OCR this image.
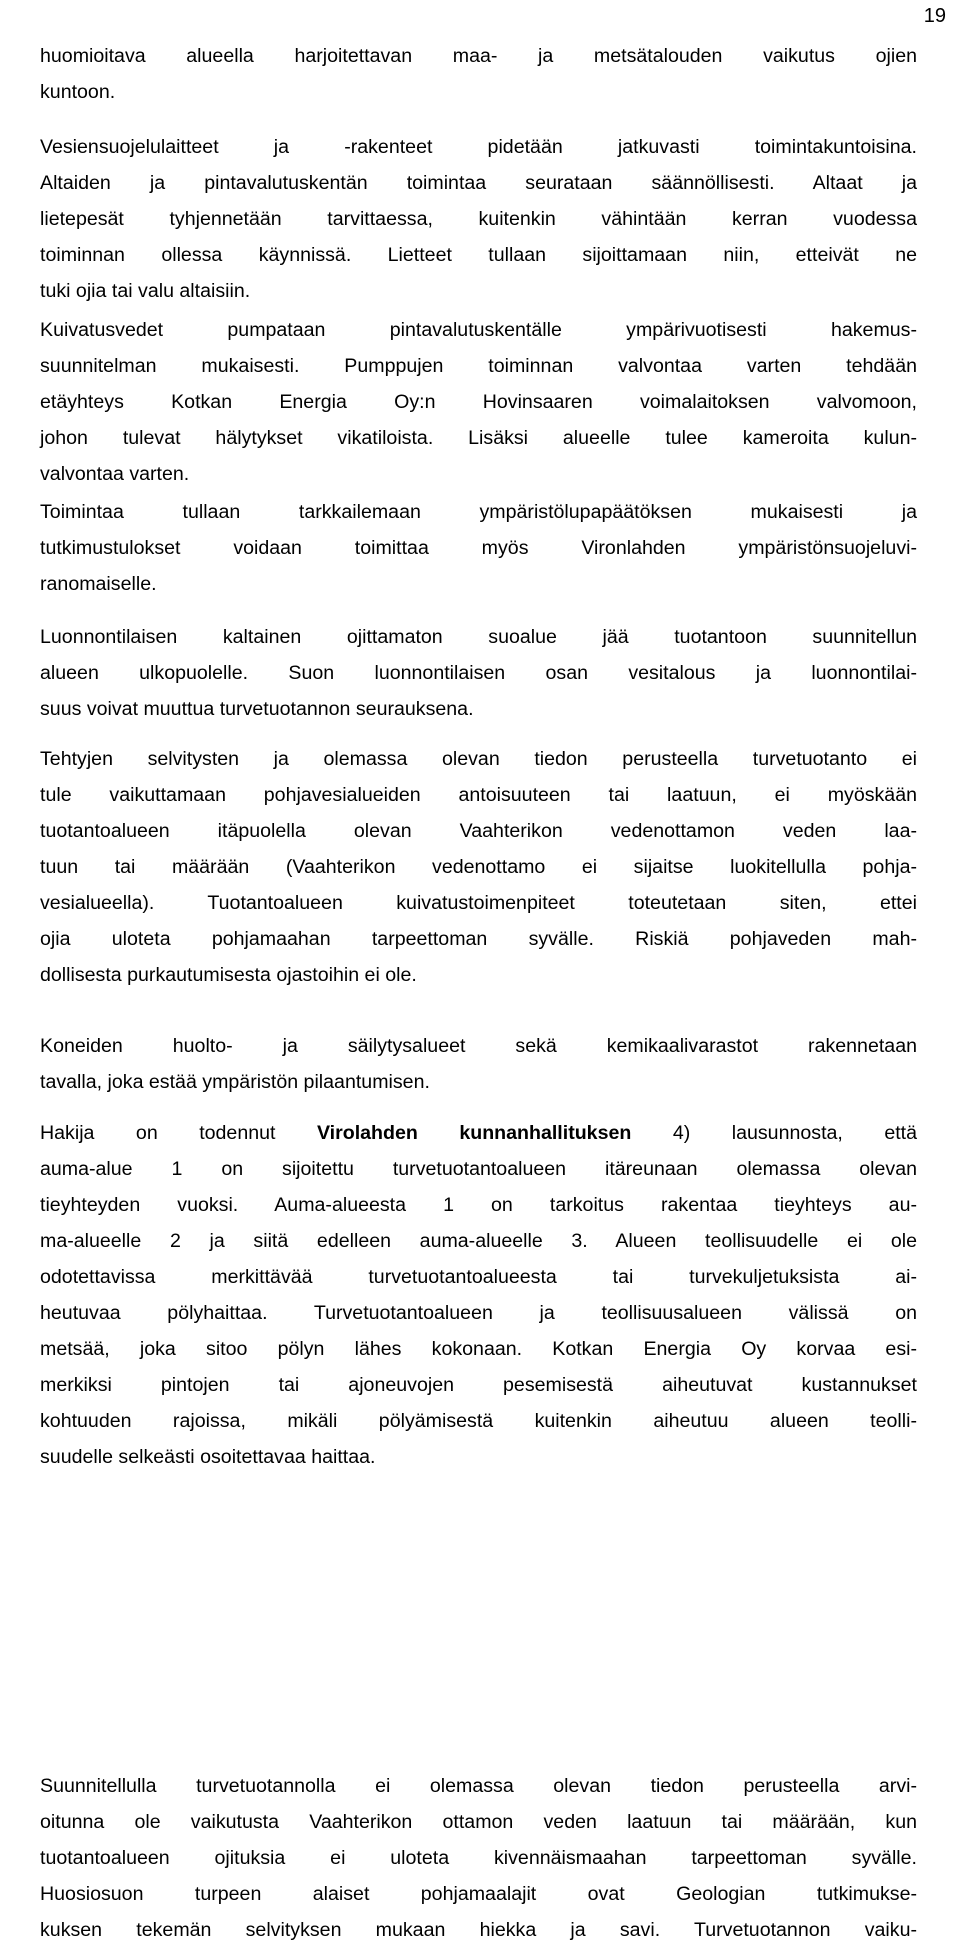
19
huomioitava alueella harjoitettavan maa- ja metsätalouden vaikutus ojien
kuntoon.
Vesiensuojelulaitteet ja -rakenteet pidetään jatkuvasti toimintakuntoisina.
Altaiden ja pintavalutuskentän toimintaa seurataan säännöllisesti. Altaat ja
lietepesät tyhjennetään tarvittaessa, kuitenkin vähintään kerran vuodessa
toiminnan ollessa käynnissä. Lietteet tullaan sijoittamaan niin, etteivät ne
tuki ojia tai valu altaisiin.
Kuivatusvedet pumpataan pintavalutuskentälle ympärivuotisesti hakemus-
suunnitelman mukaisesti. Pumppujen toiminnan valvontaa varten tehdään
etäyhteys Kotkan Energia Oy:n Hovinsaaren voimalaitoksen valvomoon,
johon tulevat hälytykset vikatiloista. Lisäksi alueelle tulee kameroita kulun-
valvontaa varten.
Toimintaa tullaan tarkkailemaan ympäristölupapäätöksen mukaisesti ja
tutkimustulokset voidaan toimittaa myös Vironlahden ympäristönsuojeluvi-
ranomaiselle.
Luonnontilaisen kaltainen ojittamaton suoalue jää tuotantoon suunnitellun
alueen ulkopuolelle. Suon luonnontilaisen osan vesitalous ja luonnontilai-
suus voivat muuttua turvetuotannon seurauksena.
Tehtyjen selvitysten ja olemassa olevan tiedon perusteella turvetuotanto ei
tule vaikuttamaan pohjavesialueiden antoisuuteen tai laatuun, ei myöskään
tuotantoalueen itäpuolella olevan Vaahterikon vedenottamon veden laa-
tuun tai määrään (Vaahterikon vedenottamo ei sijaitse luokitellulla pohja-
vesialueella). Tuotantoalueen kuivatustoimenpiteet toteutetaan siten, ettei
ojia uloteta pohjamaahan tarpeettoman syvälle. Riskiä pohjaveden mah-
dollisesta purkautumisesta ojastoihin ei ole.
Koneiden huolto- ja säilytysalueet sekä kemikaalivarastot rakennetaan
tavalla, joka estää ympäristön pilaantumisen.
Hakija on todennut Virolahden kunnanhallituksen 4) lausunnosta, että
auma-alue 1 on sijoitettu turvetuotantoalueen itäreunaan olemassa olevan
tieyhteyden vuoksi. Auma-alueesta 1 on tarkoitus rakentaa tieyhteys au-
ma-alueelle 2 ja siitä edelleen auma-alueelle 3. Alueen teollisuudelle ei ole
odotettavissa merkittävää turvetuotantoalueesta tai turvekuljetuksista ai-
heutuvaa pölyhaittaa. Turvetuotantoalueen ja teollisuusalueen välissä on
metsää, joka sitoo pölyn lähes kokonaan. Kotkan Energia Oy korvaa esi-
merkiksi pintojen tai ajoneuvojen pesemisestä aiheutuvat kustannukset
kohtuuden rajoissa, mikäli pölyämisestä kuitenkin aiheutuu alueen teolli-
suudelle selkeästi osoitettavaa haittaa.
Suunnitellulla turvetuotannolla ei olemassa olevan tiedon perusteella arvi-
oitunna ole vaikutusta Vaahterikon ottamon veden laatuun tai määrään, kun
tuotantoalueen ojituksia ei uloteta kivennäismaahan tarpeettoman syvälle.
Huosiosuon turpeen alaiset pohjamaalajit ovat Geologian tutkimukse-
kuksen tekemän selvityksen mukaan hiekka ja savi. Turvetuotannon vaiku-
